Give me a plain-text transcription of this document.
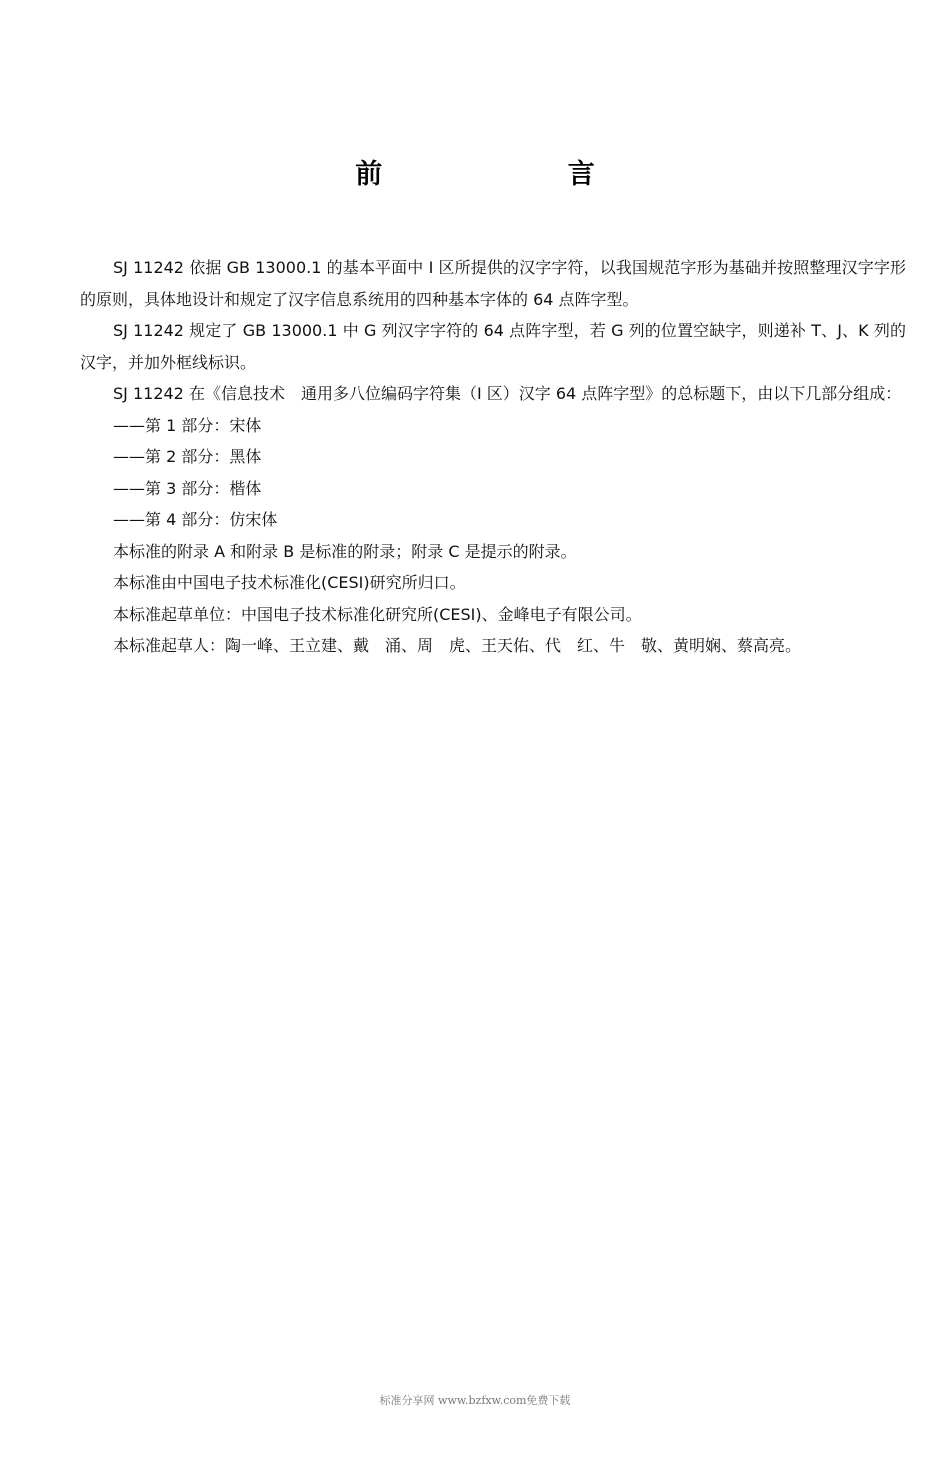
前 言

SJ 11242 依据 GB 13000.1 的基本平面中 I 区所提供的汉字字符，以我国规范字形为基础并按照整理汉字字形的原则，具体地设计和规定了汉字信息系统用的四种基本字体的 64 点阵字型。

SJ 11242 规定了 GB 13000.1 中 G 列汉字字符的 64 点阵字型，若 G 列的位置空缺字，则递补 T、J、K 列的汉字，并加外框线标识。

SJ 11242 在《信息技术　通用多八位编码字符集（I 区）汉字 64 点阵字型》的总标题下，由以下几部分组成：

——第 1 部分：宋体

——第 2 部分：黑体

——第 3 部分：楷体

——第 4 部分：仿宋体

本标准的附录 A 和附录 B 是标准的附录；附录 C 是提示的附录。

本标准由中国电子技术标准化(CESI)研究所归口。

本标准起草单位：中国电子技术标准化研究所(CESI)、金峰电子有限公司。

本标准起草人：陶一峰、王立建、戴　涌、周　虎、王天佑、代　红、牛　敬、黄明娴、蔡高亮。

标准分享网 www.bzfxw.com免费下载
